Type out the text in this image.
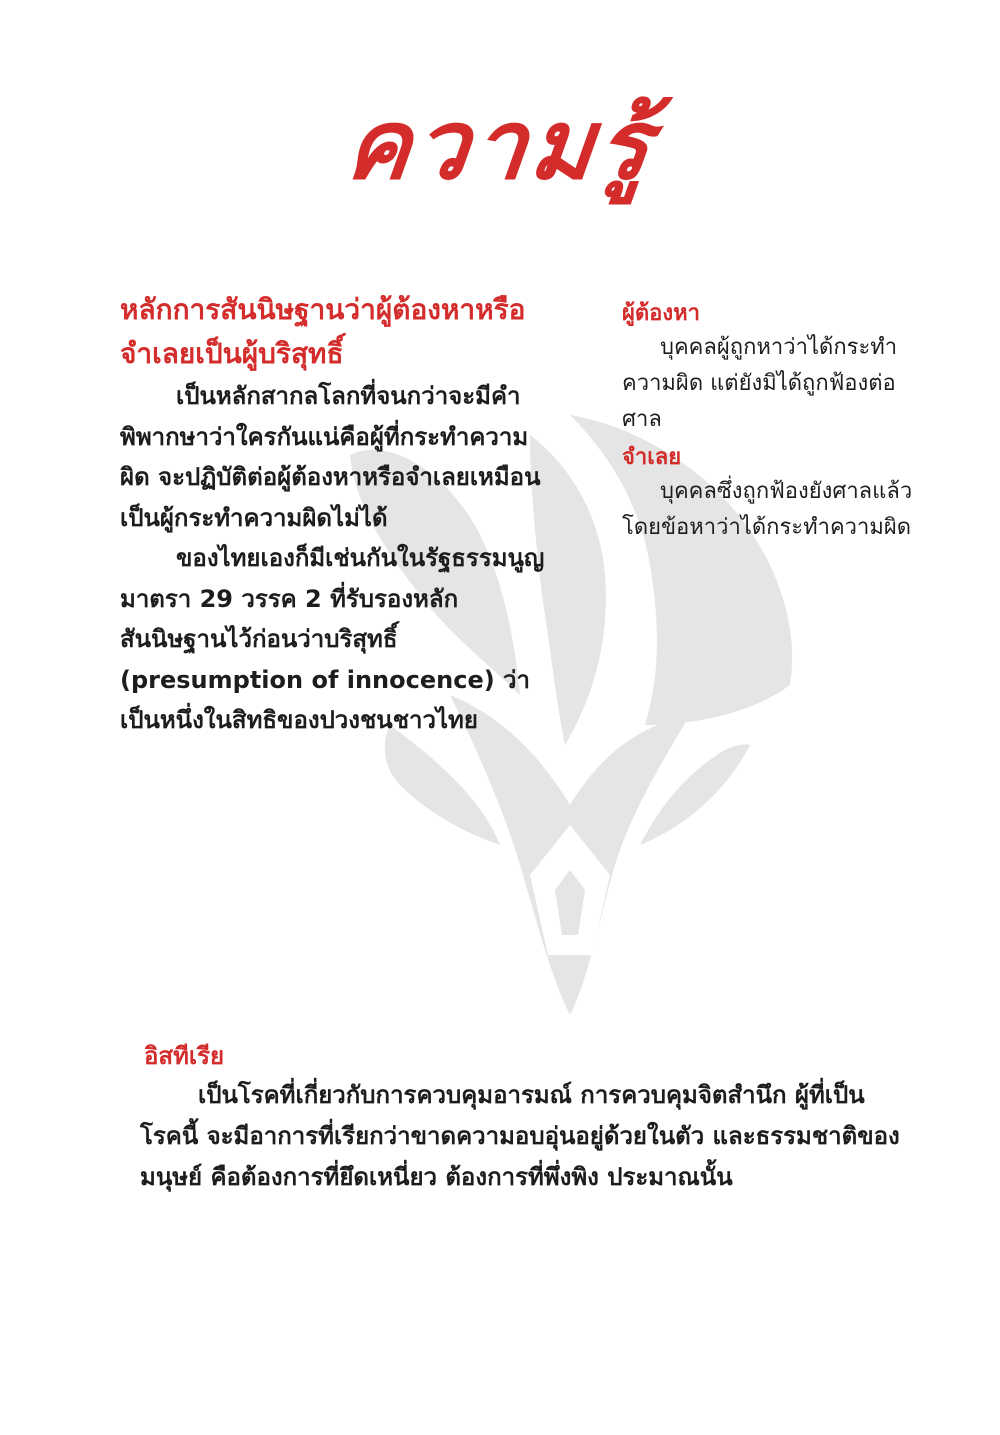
ความรู้

หลักการสันนิษฐานว่าผู้ต้องหาหรือจำเลยเป็นผู้บริสุทธิ์

เป็นหลักสากลโลกที่จนกว่าจะมีคำพิพากษาว่าใครกันแน่คือผู้ที่กระทำความผิด จะปฏิบัติต่อผู้ต้องหาหรือจำเลยเหมือนเป็นผู้กระทำความผิดไม่ได้

ของไทยเองก็มีเช่นกันในรัฐธรรมนูญ มาตรา 29 วรรค 2 ที่รับรองหลักสันนิษฐานไว้ก่อนว่าบริสุทธิ์ (presumption of innocence) ว่าเป็นหนึ่งในสิทธิของปวงชนชาวไทย

ผู้ต้องหา

บุคคลผู้ถูกหาว่าได้กระทำความผิด แต่ยังมิได้ถูกฟ้องต่อศาล

จำเลย

บุคคลซึ่งถูกฟ้องยังศาลแล้วโดยข้อหาว่าได้กระทำความผิด

อิสทีเรีย

เป็นโรคที่เกี่ยวกับการควบคุมอารมณ์ การควบคุมจิตสำนึก ผู้ที่เป็นโรคนี้ จะมีอาการที่เรียกว่าขาดความอบอุ่นอยู่ด้วยในตัว และธรรมชาติของมนุษย์ คือต้องการที่ยึดเหนี่ยว ต้องการที่พึ่งพิง ประมาณนั้น
